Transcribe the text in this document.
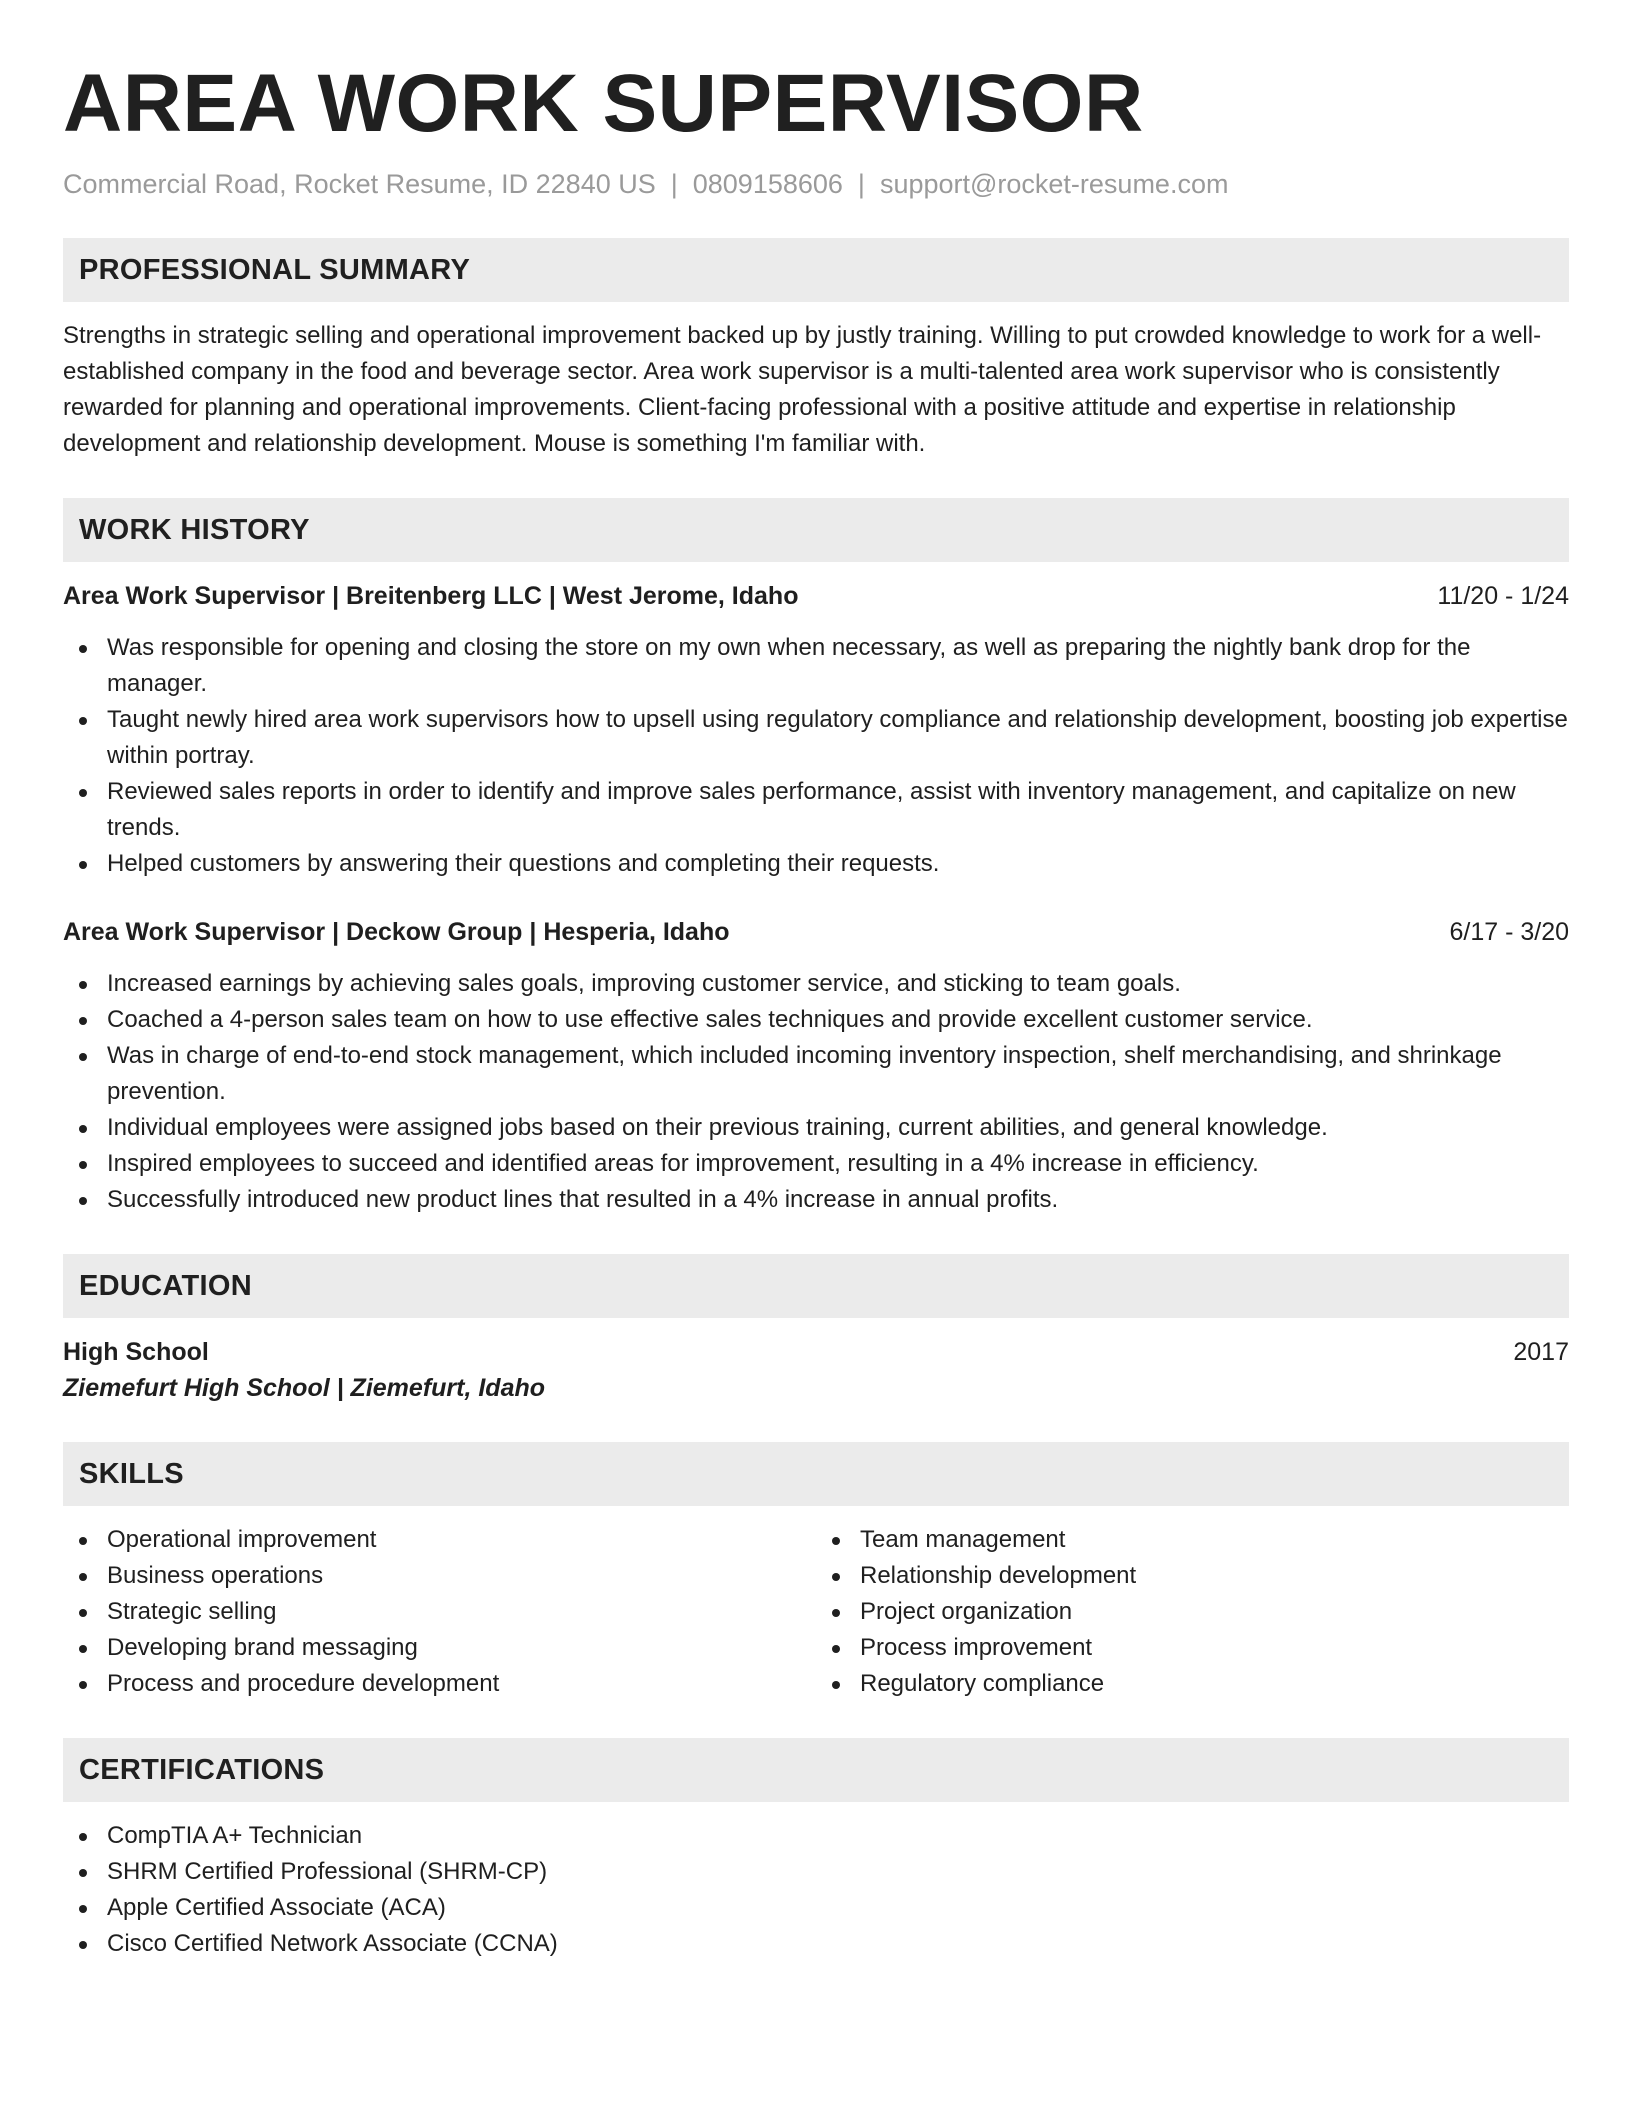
AREA WORK SUPERVISOR
Commercial Road, Rocket Resume, ID 22840 US | 0809158606 | support@rocket-resume.com
PROFESSIONAL SUMMARY

Strengths in strategic selling and operational improvement backed up by justly training. Willing to put crowded knowledge to work for a well-established company in the food and beverage sector. Area work supervisor is a multi-talented area work supervisor who is consistently rewarded for planning and operational improvements. Client-facing professional with a positive attitude and expertise in relationship development and relationship development. Mouse is something I'm familiar with.

WORK HISTORY
Area Work Supervisor | Breitenberg LLC | West Jerome, Idaho	11/20 - 1/24
Was responsible for opening and closing the store on my own when necessary, as well as preparing the nightly bank drop for the manager.
Taught newly hired area work supervisors how to upsell using regulatory compliance and relationship development, boosting job expertise within portray.
Reviewed sales reports in order to identify and improve sales performance, assist with inventory management, and capitalize on new trends.
Helped customers by answering their questions and completing their requests.
Area Work Supervisor | Deckow Group | Hesperia, Idaho	6/17 - 3/20
Increased earnings by achieving sales goals, improving customer service, and sticking to team goals.
Coached a 4-person sales team on how to use effective sales techniques and provide excellent customer service.
Was in charge of end-to-end stock management, which included incoming inventory inspection, shelf merchandising, and shrinkage prevention.
Individual employees were assigned jobs based on their previous training, current abilities, and general knowledge.
Inspired employees to succeed and identified areas for improvement, resulting in a 4% increase in efficiency.
Successfully introduced new product lines that resulted in a 4% increase in annual profits.
EDUCATION
High School	2017
Ziemefurt High School | Ziemefurt, Idaho
SKILLS
Operational improvement
Business operations
Strategic selling
Developing brand messaging
Process and procedure development
Team management
Relationship development
Project organization
Process improvement
Regulatory compliance
CERTIFICATIONS
CompTIA A+ Technician
SHRM Certified Professional (SHRM-CP)
Apple Certified Associate (ACA)
Cisco Certified Network Associate (CCNA)
